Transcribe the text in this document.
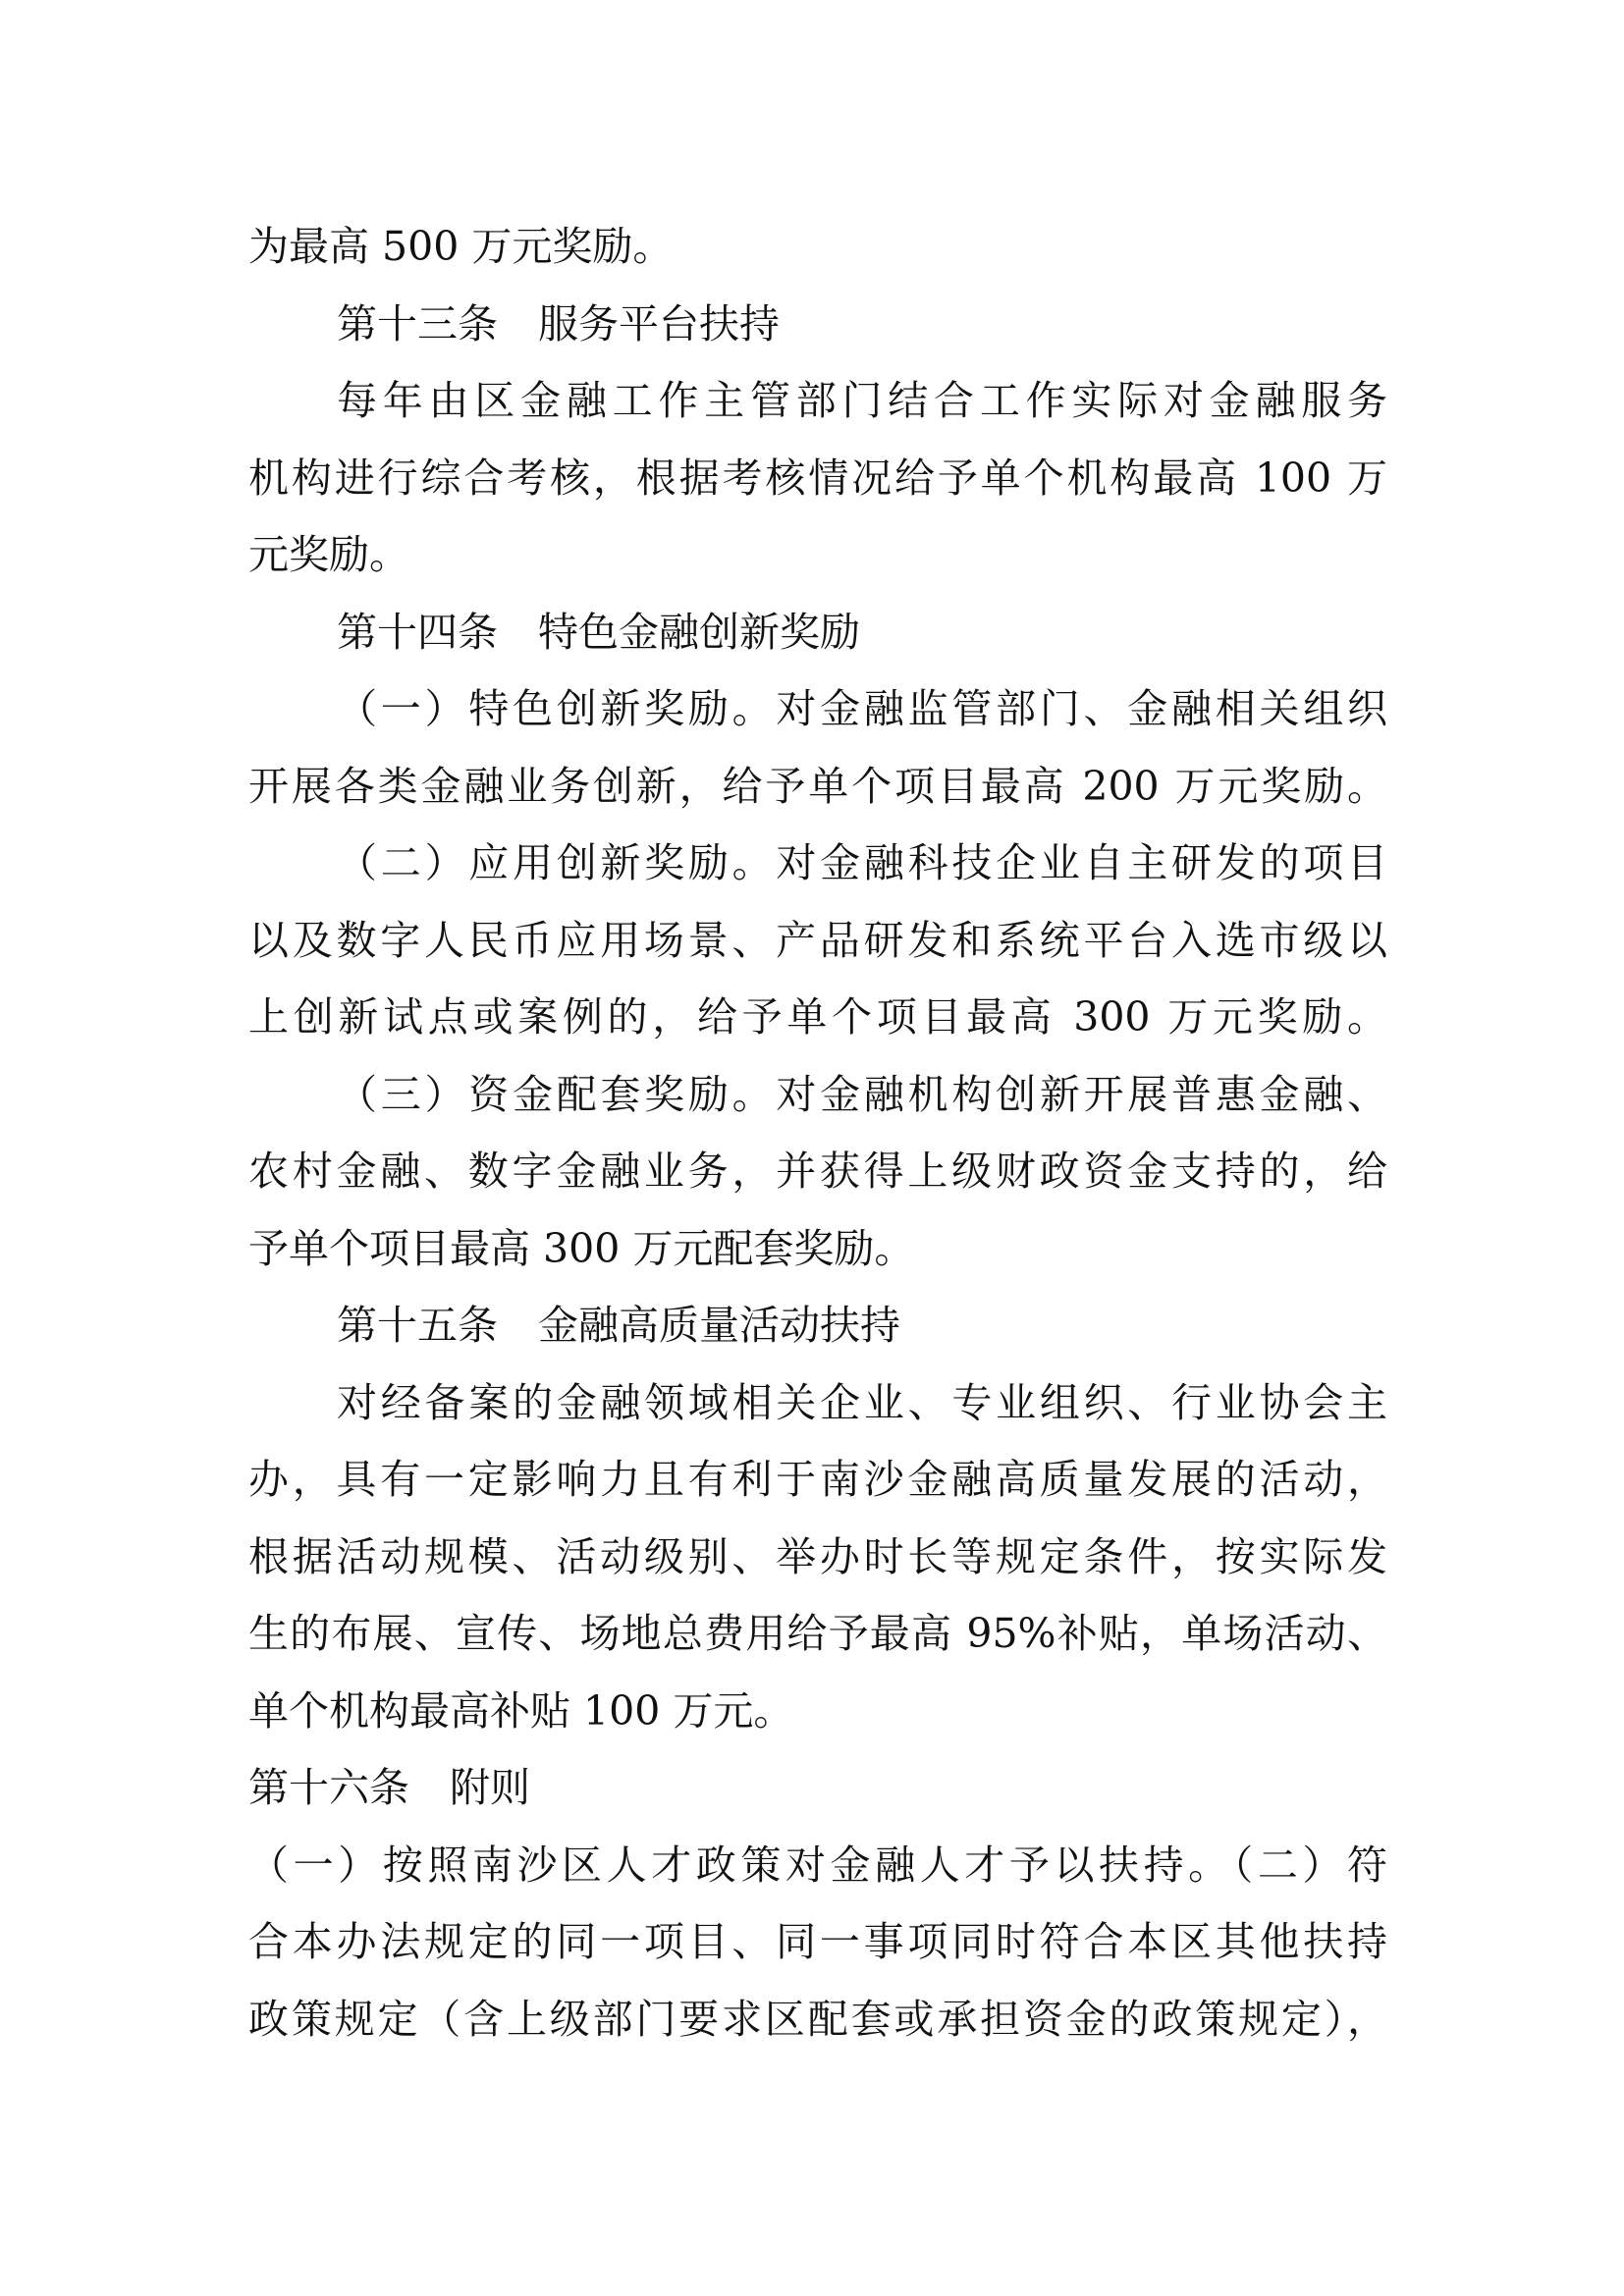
为最高 500 万元奖励。
第十三条　服务平台扶持
每年由区金融工作主管部门结合工作实际对金融服务
机构进行综合考核，根据考核情况给予单个机构最高 100 万
元奖励。
第十四条　特色金融创新奖励
（一）特色创新奖励。对金融监管部门、金融相关组织
开展各类金融业务创新，给予单个项目最高 200 万元奖励。
（二）应用创新奖励。对金融科技企业自主研发的项目
以及数字人民币应用场景、产品研发和系统平台入选市级以
上创新试点或案例的，给予单个项目最高 300 万元奖励。
（三）资金配套奖励。对金融机构创新开展普惠金融、
农村金融、数字金融业务，并获得上级财政资金支持的，给
予单个项目最高 300 万元配套奖励。
第十五条　金融高质量活动扶持
对经备案的金融领域相关企业、专业组织、行业协会主
办，具有一定影响力且有利于南沙金融高质量发展的活动，
根据活动规模、活动级别、举办时长等规定条件，按实际发
生的布展、宣传、场地总费用给予最高 95%补贴，单场活动、
单个机构最高补贴 100 万元。
第十六条　附则
（一）按照南沙区人才政策对金融人才予以扶持。（二）符
合本办法规定的同一项目、同一事项同时符合本区其他扶持
政策规定（含上级部门要求区配套或承担资金的政策规定），
